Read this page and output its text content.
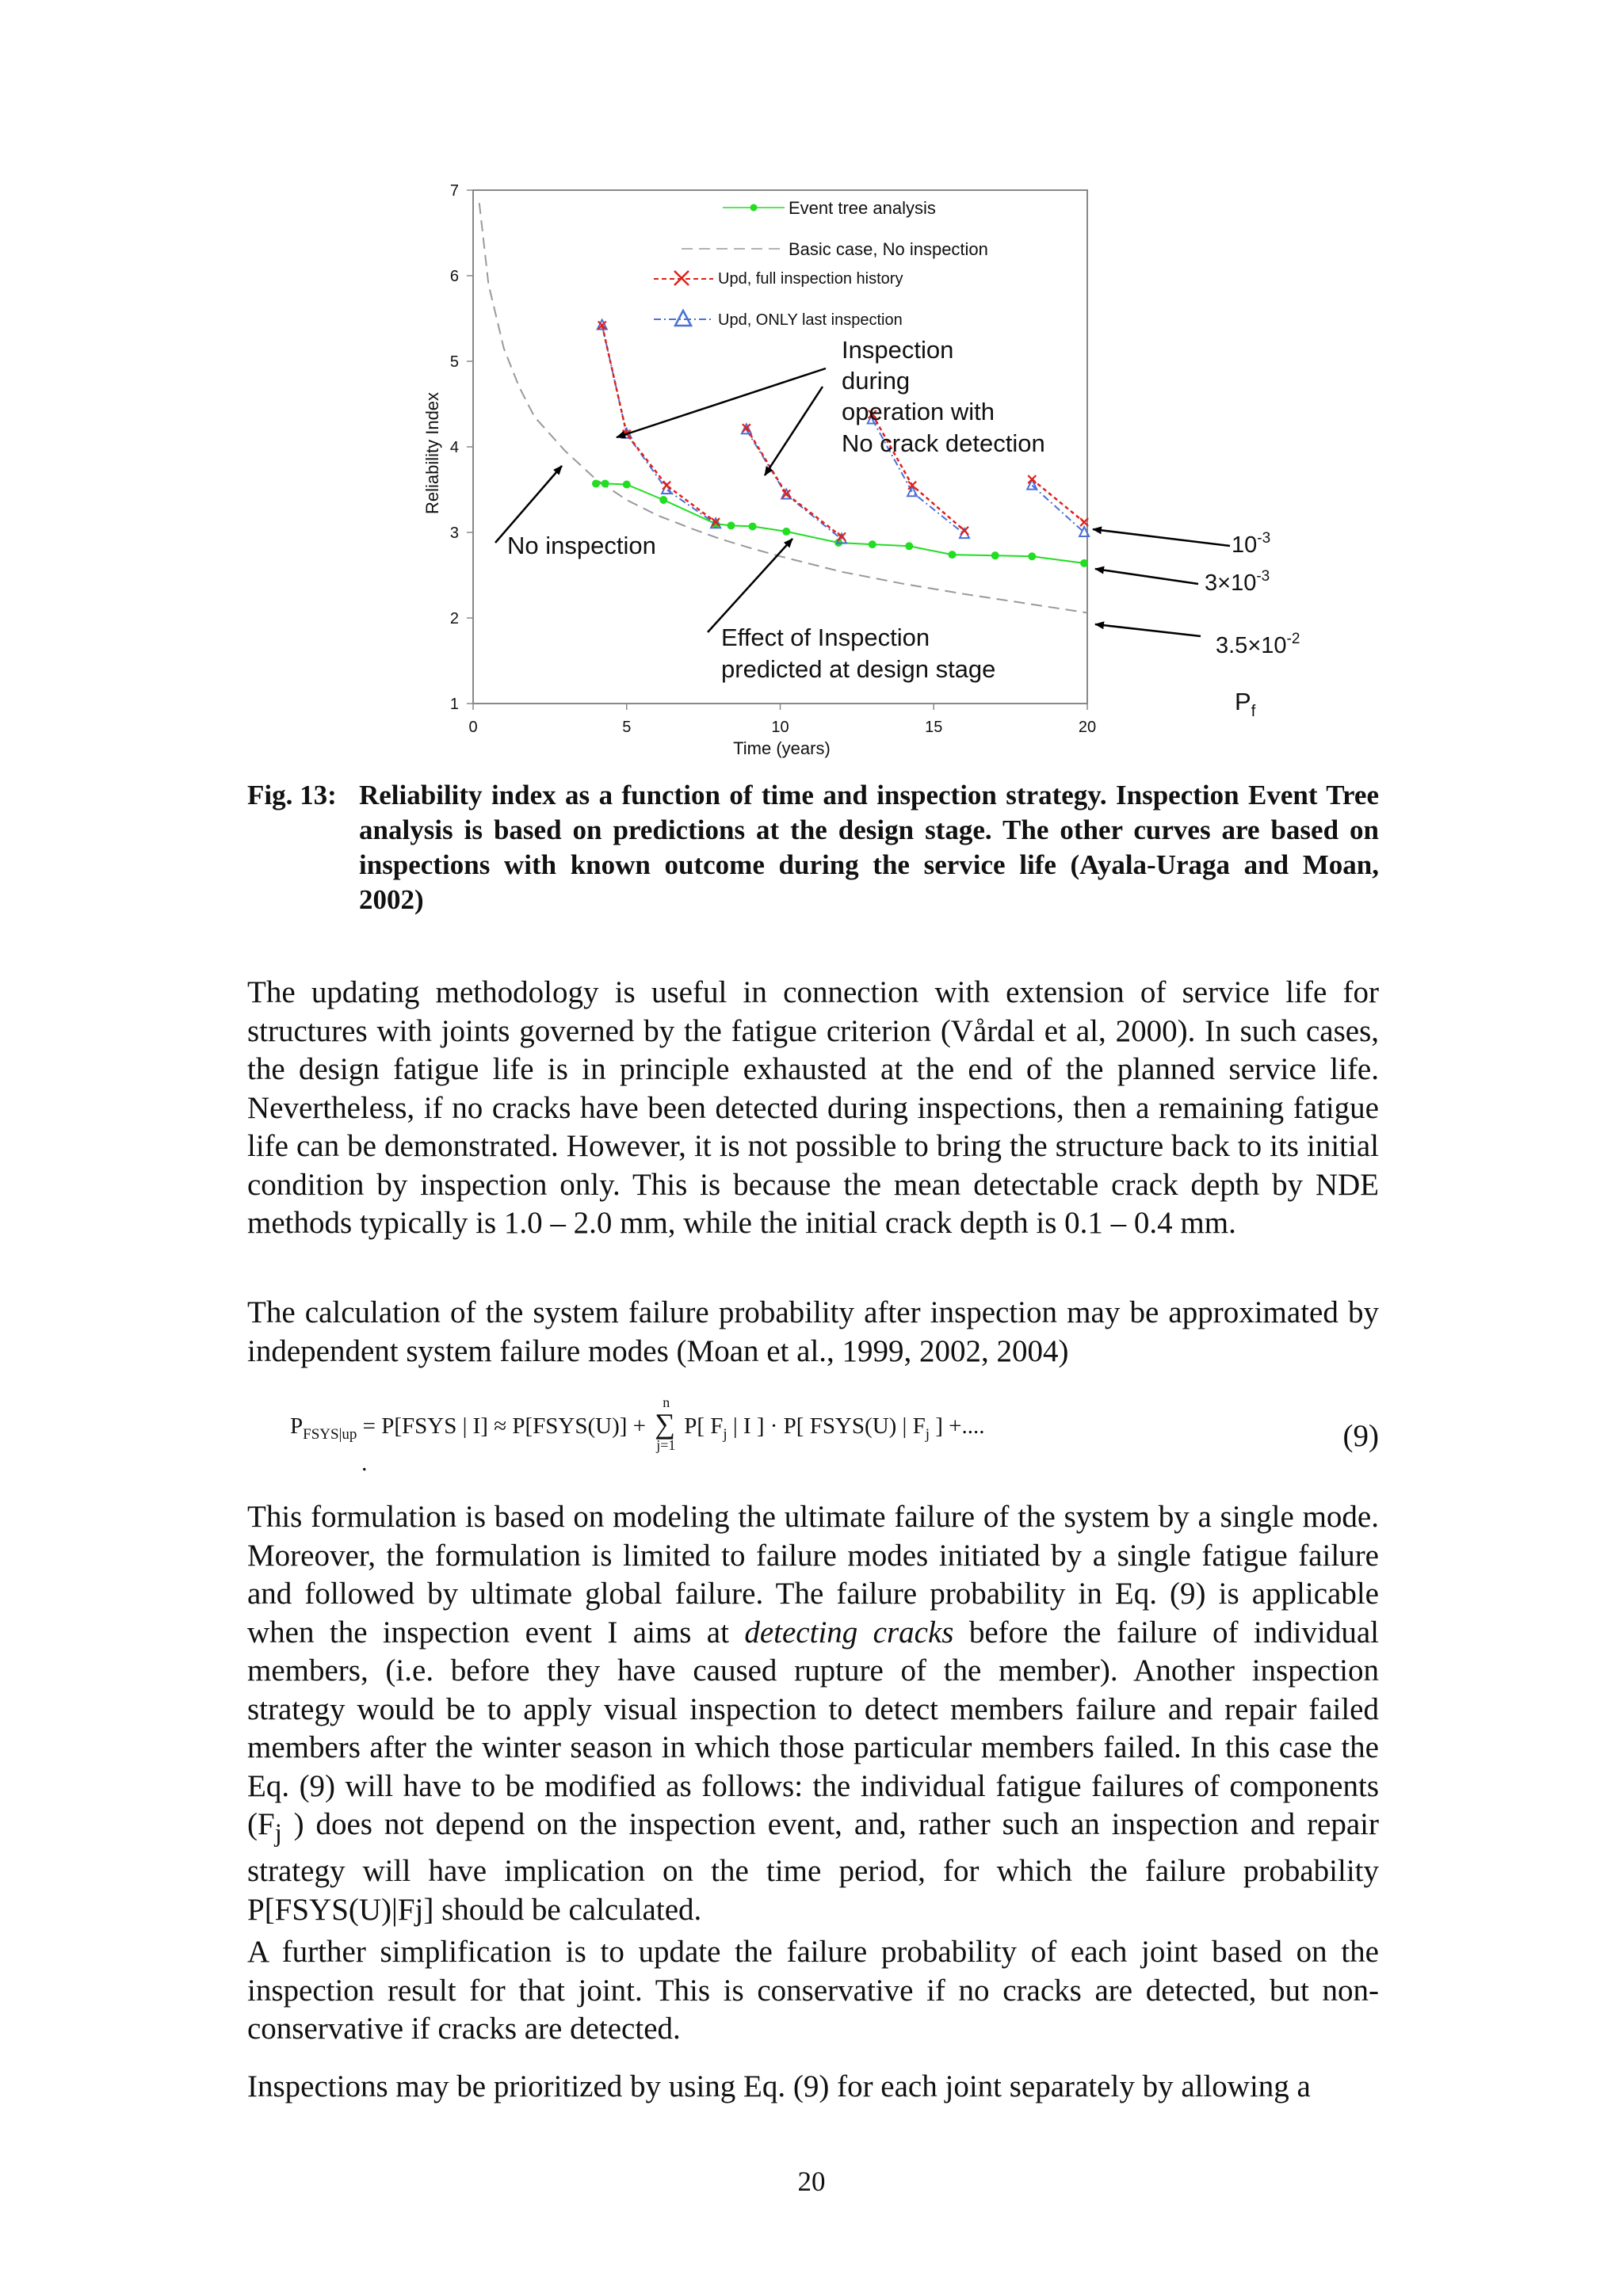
1
2
3
4
5
6
7
0	5	10	15	20
Time (years)
Reliability Index
Event tree analysis
Basic case, No inspection
Upd, full inspection history
Upd, ONLY last inspection
Inspection
during
operation with
No crack detection
No inspection
Effect of Inspection
predicted at design stage
$10^{-3}$
$3\times 10^{-3}$
$3.5\times 10^{-2}$
$P_f$
Fig. 13: Reliability index as a function of time and inspection strategy. Inspection Event Tree analysis is based on predictions at the design stage. The other curves are based on inspections with known outcome during the service life (Ayala-Uraga and Moan, 2002)

The updating methodology is useful in connection with extension of service life for structures with joints governed by the fatigue criterion (Vårdal et al, 2000). In such cases, the design fatigue life is in principle exhausted at the end of the planned service life. Nevertheless, if no cracks have been detected during inspections, then a remaining fatigue life can be demonstrated. However, it is not possible to bring the structure back to its initial condition by inspection only. This is because the mean detectable crack depth by NDE methods typically is 1.0 – 2.0 mm, while the initial crack depth is 0.1 – 0.4 mm.

The calculation of the system failure probability after inspection may be approximated by independent system failure modes (Moan et al., 1999, 2002, 2004)

$P_{FSYS|up}$ = P[FSYS | I] ≈ P[FSYS(U)] + ∑
n
j=1
P[ $F_j$ | I ] · P[ FSYS(U) | $F_j$ ] +....
.
(9)

This formulation is based on modeling the ultimate failure of the system by a single mode. Moreover, the formulation is limited to failure modes initiated by a single fatigue failure and followed by ultimate global failure. The failure probability in Eq. (9) is applicable when the inspection event I aims at detecting cracks before the failure of individual members, (i.e. before they have caused rupture of the member). Another inspection strategy would be to apply visual inspection to detect members failure and repair failed members after the winter season in which those particular members failed. In this case the Eq. (9) will have to be modified as follows: the individual fatigue failures of components ($F_j$ ) does not depend on the inspection event, and, rather such an inspection and repair strategy will have implication on the time period, for which the failure probability P[FSYS(U)|Fj] should be calculated.

A further simplification is to update the failure probability of each joint based on the inspection result for that joint. This is conservative if no cracks are detected, but non-conservative if cracks are detected.

Inspections may be prioritized by using Eq. (9) for each joint separately by allowing a

20
